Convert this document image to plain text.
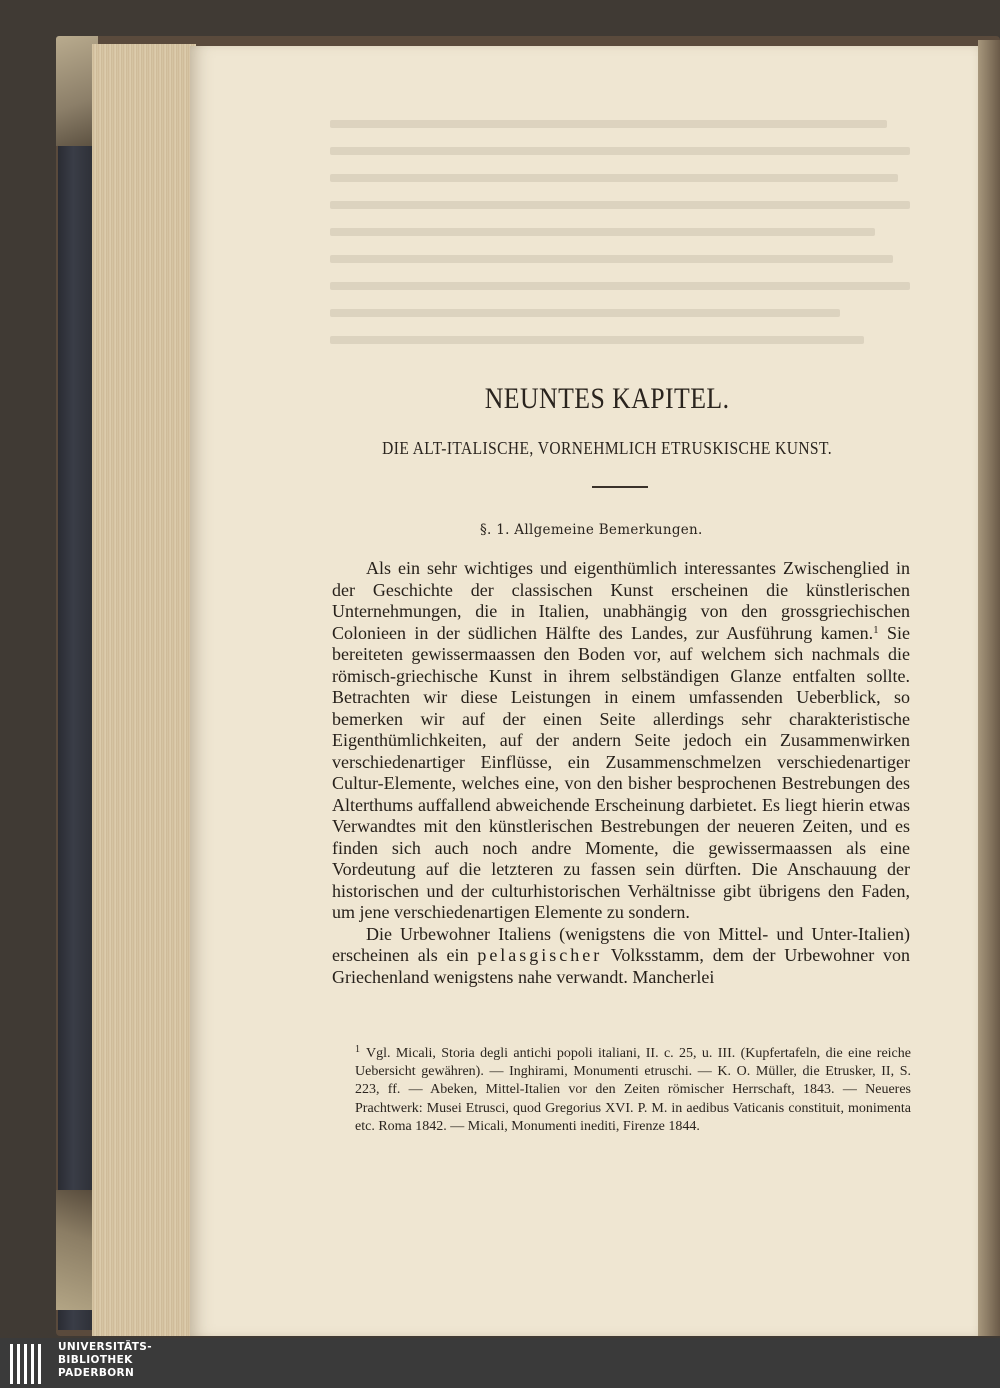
NEUNTES KAPITEL.
DIE ALT-ITALISCHE, VORNEHMLICH ETRUSKISCHE KUNST.
§. 1. Allgemeine Bemerkungen.

Als ein sehr wichtiges und eigenthümlich interessantes Zwischenglied in der Geschichte der classischen Kunst erscheinen die künstlerischen Unternehmungen, die in Italien, unabhängig von den grossgriechischen Colonieen in der südlichen Hälfte des Landes, zur Ausführung kamen.$^1$ Sie bereiteten gewissermaassen den Boden vor, auf welchem sich nachmals die römisch-griechische Kunst in ihrem selbständigen Glanze entfalten sollte. Betrachten wir diese Leistungen in einem umfassenden Ueberblick, so bemerken wir auf der einen Seite allerdings sehr charakteristische Eigenthümlichkeiten, auf der andern Seite jedoch ein Zusammenwirken verschiedenartiger Einflüsse, ein Zusammenschmelzen verschiedenartiger Cultur-Elemente, welches eine, von den bisher besprochenen Bestrebungen des Alterthums auffallend abweichende Erscheinung darbietet. Es liegt hierin etwas Verwandtes mit den künstlerischen Bestrebungen der neueren Zeiten, und es finden sich auch noch andre Momente, die gewissermaassen als eine Vordeutung auf die letzteren zu fassen sein dürften. Die Anschauung der historischen und der culturhistorischen Verhältnisse gibt übrigens den Faden, um jene verschiedenartigen Elemente zu sondern.

Die Urbewohner Italiens (wenigstens die von Mittel- und Unter-Italien) erscheinen als ein pelasgischer Volksstamm, dem der Urbewohner von Griechenland wenigstens nahe verwandt. Mancherlei

$^1$ Vgl. Micali, Storia degli antichi popoli italiani, II. c. 25, u. III. (Kupfertafeln, die eine reiche Uebersicht gewähren). — Inghirami, Monumenti etruschi. — K. O. Müller, die Etrusker, II, S. 223, ff. — Abeken, Mittel-Italien vor den Zeiten römischer Herrschaft, 1843. — Neueres Prachtwerk: Musei Etrusci, quod Gregorius XVI. P. M. in aedibus Vaticanis constituit, monimenta etc. Roma 1842. — Micali, Monumenti inediti, Firenze 1844.
UNIVERSITÄTS-
BIBLIOTHEK
PADERBORN
